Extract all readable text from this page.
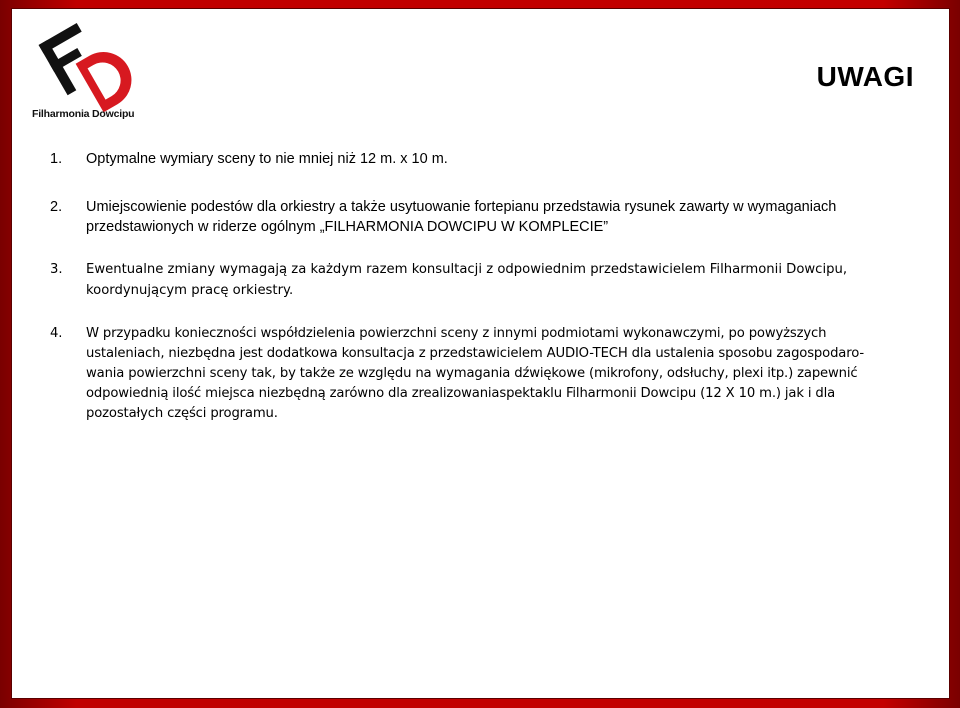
Filharmonia Dowcipu
UWAGI
1. Optymalne wymiary sceny to nie mniej niż 12 m. x 10 m.
2. Umiejscowienie podestów dla orkiestry a także usytuowanie fortepianu przedstawia rysunek zawarty w wymaganiach
przedstawionych w riderze ogólnym „FILHARMONIA DOWCIPU W KOMPLECIE”
3. Ewentualne zmiany wymagają za każdym razem konsultacji z odpowiednim przedstawicielem Filharmonii Dowcipu,
koordynującym pracę orkiestry.
4. W przypadku konieczności współdzielenia powierzchni sceny z innymi podmiotami wykonawczymi, po powyższych
ustaleniach, niezbędna jest dodatkowa konsultacja z przedstawicielem AUDIO-TECH dla ustalenia sposobu zagospodaro-
wania powierzchni sceny tak, by także ze względu na wymagania dźwiękowe (mikrofony, odsłuchy, plexi itp.) zapewnić
odpowiednią ilość miejsca niezbędną zarówno dla zrealizowaniaspektaklu Filharmonii Dowcipu (12 X 10 m.) jak i dla
pozostałych części programu.
